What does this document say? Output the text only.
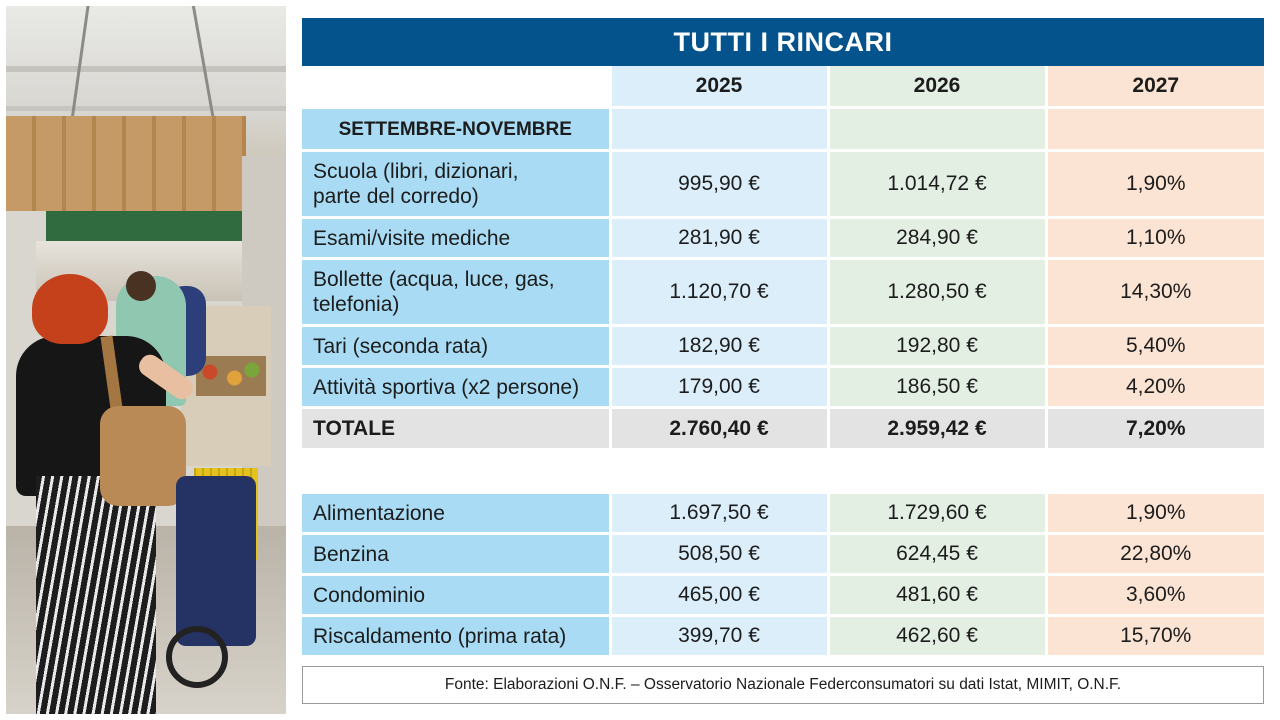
TUTTI I RINCARI
	2025	2026	2027
SETTEMBRE-NOVEMBRE			
Scuola (libri, dizionari,
parte del corredo)	995,90 €	1.014,72 €	1,90%
Esami/visite mediche	281,90 €	284,90 €	1,10%
Bollette (acqua, luce, gas,
telefonia)	1.120,70 €	1.280,50 €	14,30%
Tari (seconda rata)	182,90 €	192,80 €	5,40%
Attività sportiva (x2 persone)	179,00 €	186,50 €	4,20%
TOTALE	2.760,40 €	2.959,42 €	7,20%

Alimentazione	1.697,50 €	1.729,60 €	1,90%
Benzina	508,50 €	624,45 €	22,80%
Condominio	465,00 €	481,60 €	3,60%
Riscaldamento (prima rata)	399,70 €	462,60 €	15,70%
Fonte: Elaborazioni O.N.F. – Osservatorio Nazionale Federconsumatori su dati Istat, MIMIT, O.N.F.
